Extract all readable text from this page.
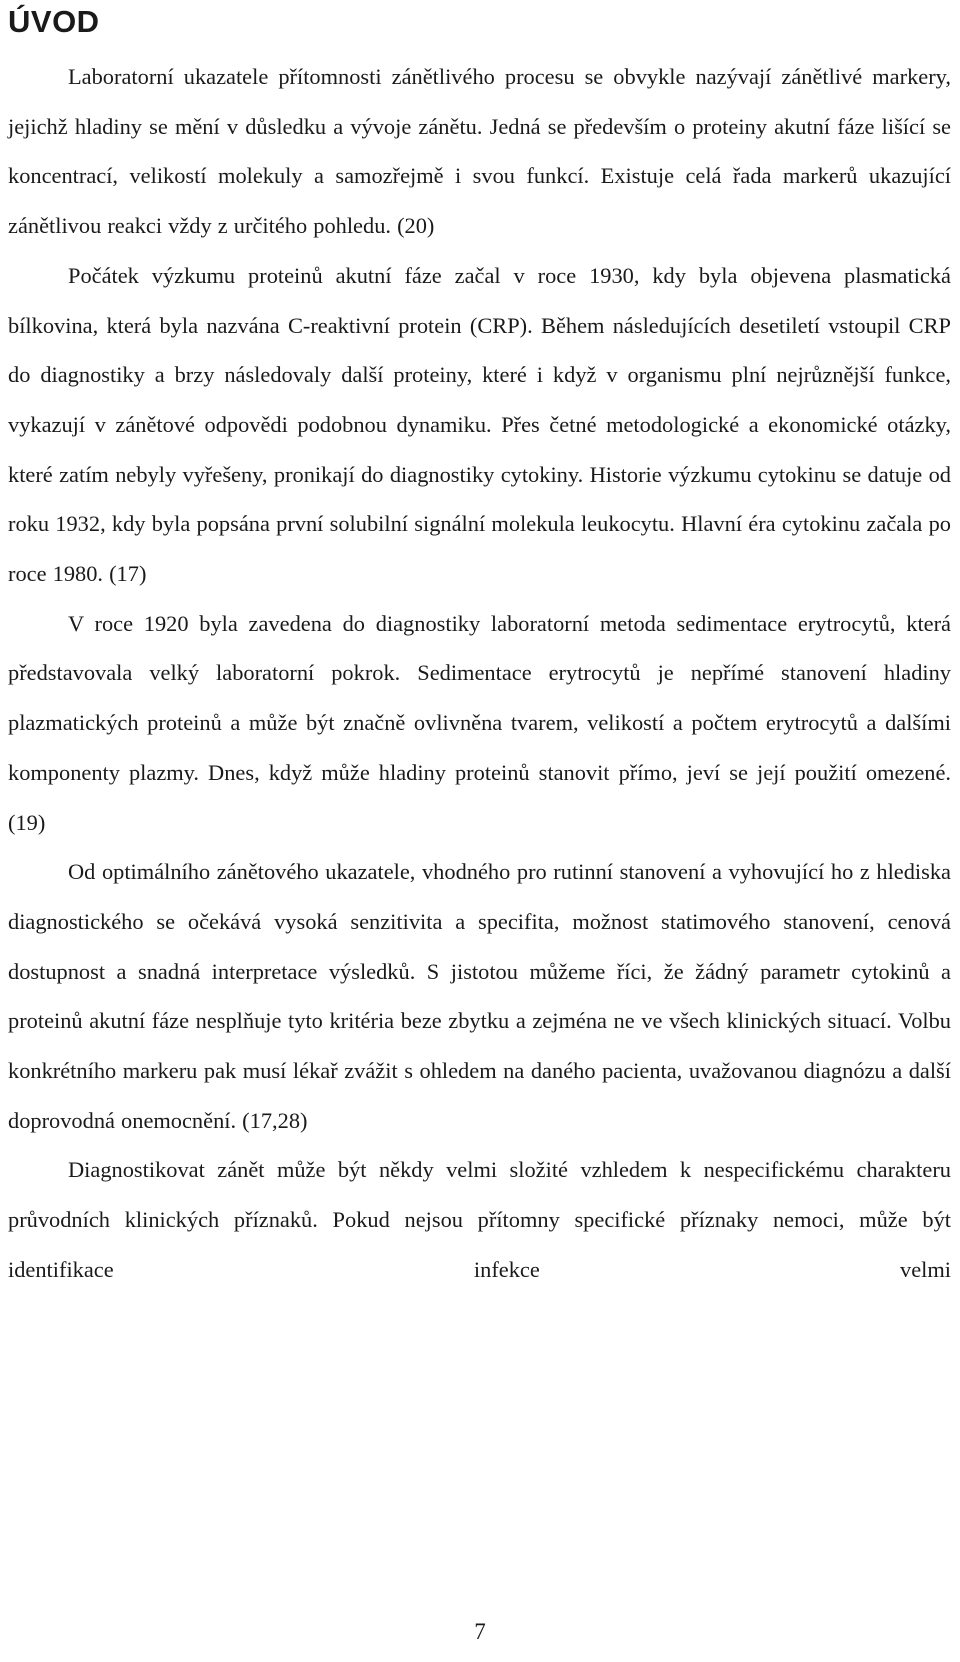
ÚVOD

Laboratorní ukazatele přítomnosti zánětlivého procesu se obvykle nazývají zánětlivé markery, jejichž hladiny se mění v důsledku a vývoje zánětu. Jedná se především o proteiny akutní fáze lišící se koncentrací, velikostí molekuly a samozřejmě i svou funkcí. Existuje celá řada markerů ukazující zánětlivou reakci vždy z určitého pohledu. (20)

Počátek výzkumu proteinů akutní fáze začal v roce 1930, kdy byla objevena plasmatická bílkovina, která byla nazvána C-reaktivní protein (CRP). Během následujících desetiletí vstoupil CRP do diagnostiky a brzy následovaly další proteiny, které i když v organismu plní nejrůznější funkce, vykazují v zánětové odpovědi podobnou dynamiku. Přes četné metodologické a ekonomické otázky, které zatím nebyly vyřešeny, pronikají do diagnostiky cytokiny. Historie výzkumu cytokinu se datuje od roku 1932, kdy byla popsána první solubilní signální molekula leukocytu. Hlavní éra cytokinu začala po roce 1980. (17)

V roce 1920 byla zavedena do diagnostiky laboratorní metoda sedimentace erytrocytů, která představovala velký laboratorní pokrok. Sedimentace erytrocytů je nepřímé stanovení hladiny plazmatických proteinů a může být značně ovlivněna tvarem, velikostí a počtem erytrocytů a dalšími komponenty plazmy. Dnes, když může hladiny proteinů stanovit přímo, jeví se její použití omezené. (19)

Od optimálního zánětového ukazatele, vhodného pro rutinní stanovení a vyhovující ho z hlediska diagnostického se očekává vysoká senzitivita a specifita, možnost statimového stanovení, cenová dostupnost a snadná interpretace výsledků. S jistotou můžeme říci, že žádný parametr cytokinů a proteinů akutní fáze nesplňuje tyto kritéria beze zbytku a zejména ne ve všech klinických situací. Volbu konkrétního markeru pak musí lékař zvážit s ohledem na daného pacienta, uvažovanou diagnózu a další doprovodná onemocnění. (17,28)

Diagnostikovat zánět může být někdy velmi složité vzhledem k nespecifickému charakteru průvodních klinických příznaků. Pokud nejsou přítomny specifické příznaky nemoci, může být identifikace infekce velmi

7
